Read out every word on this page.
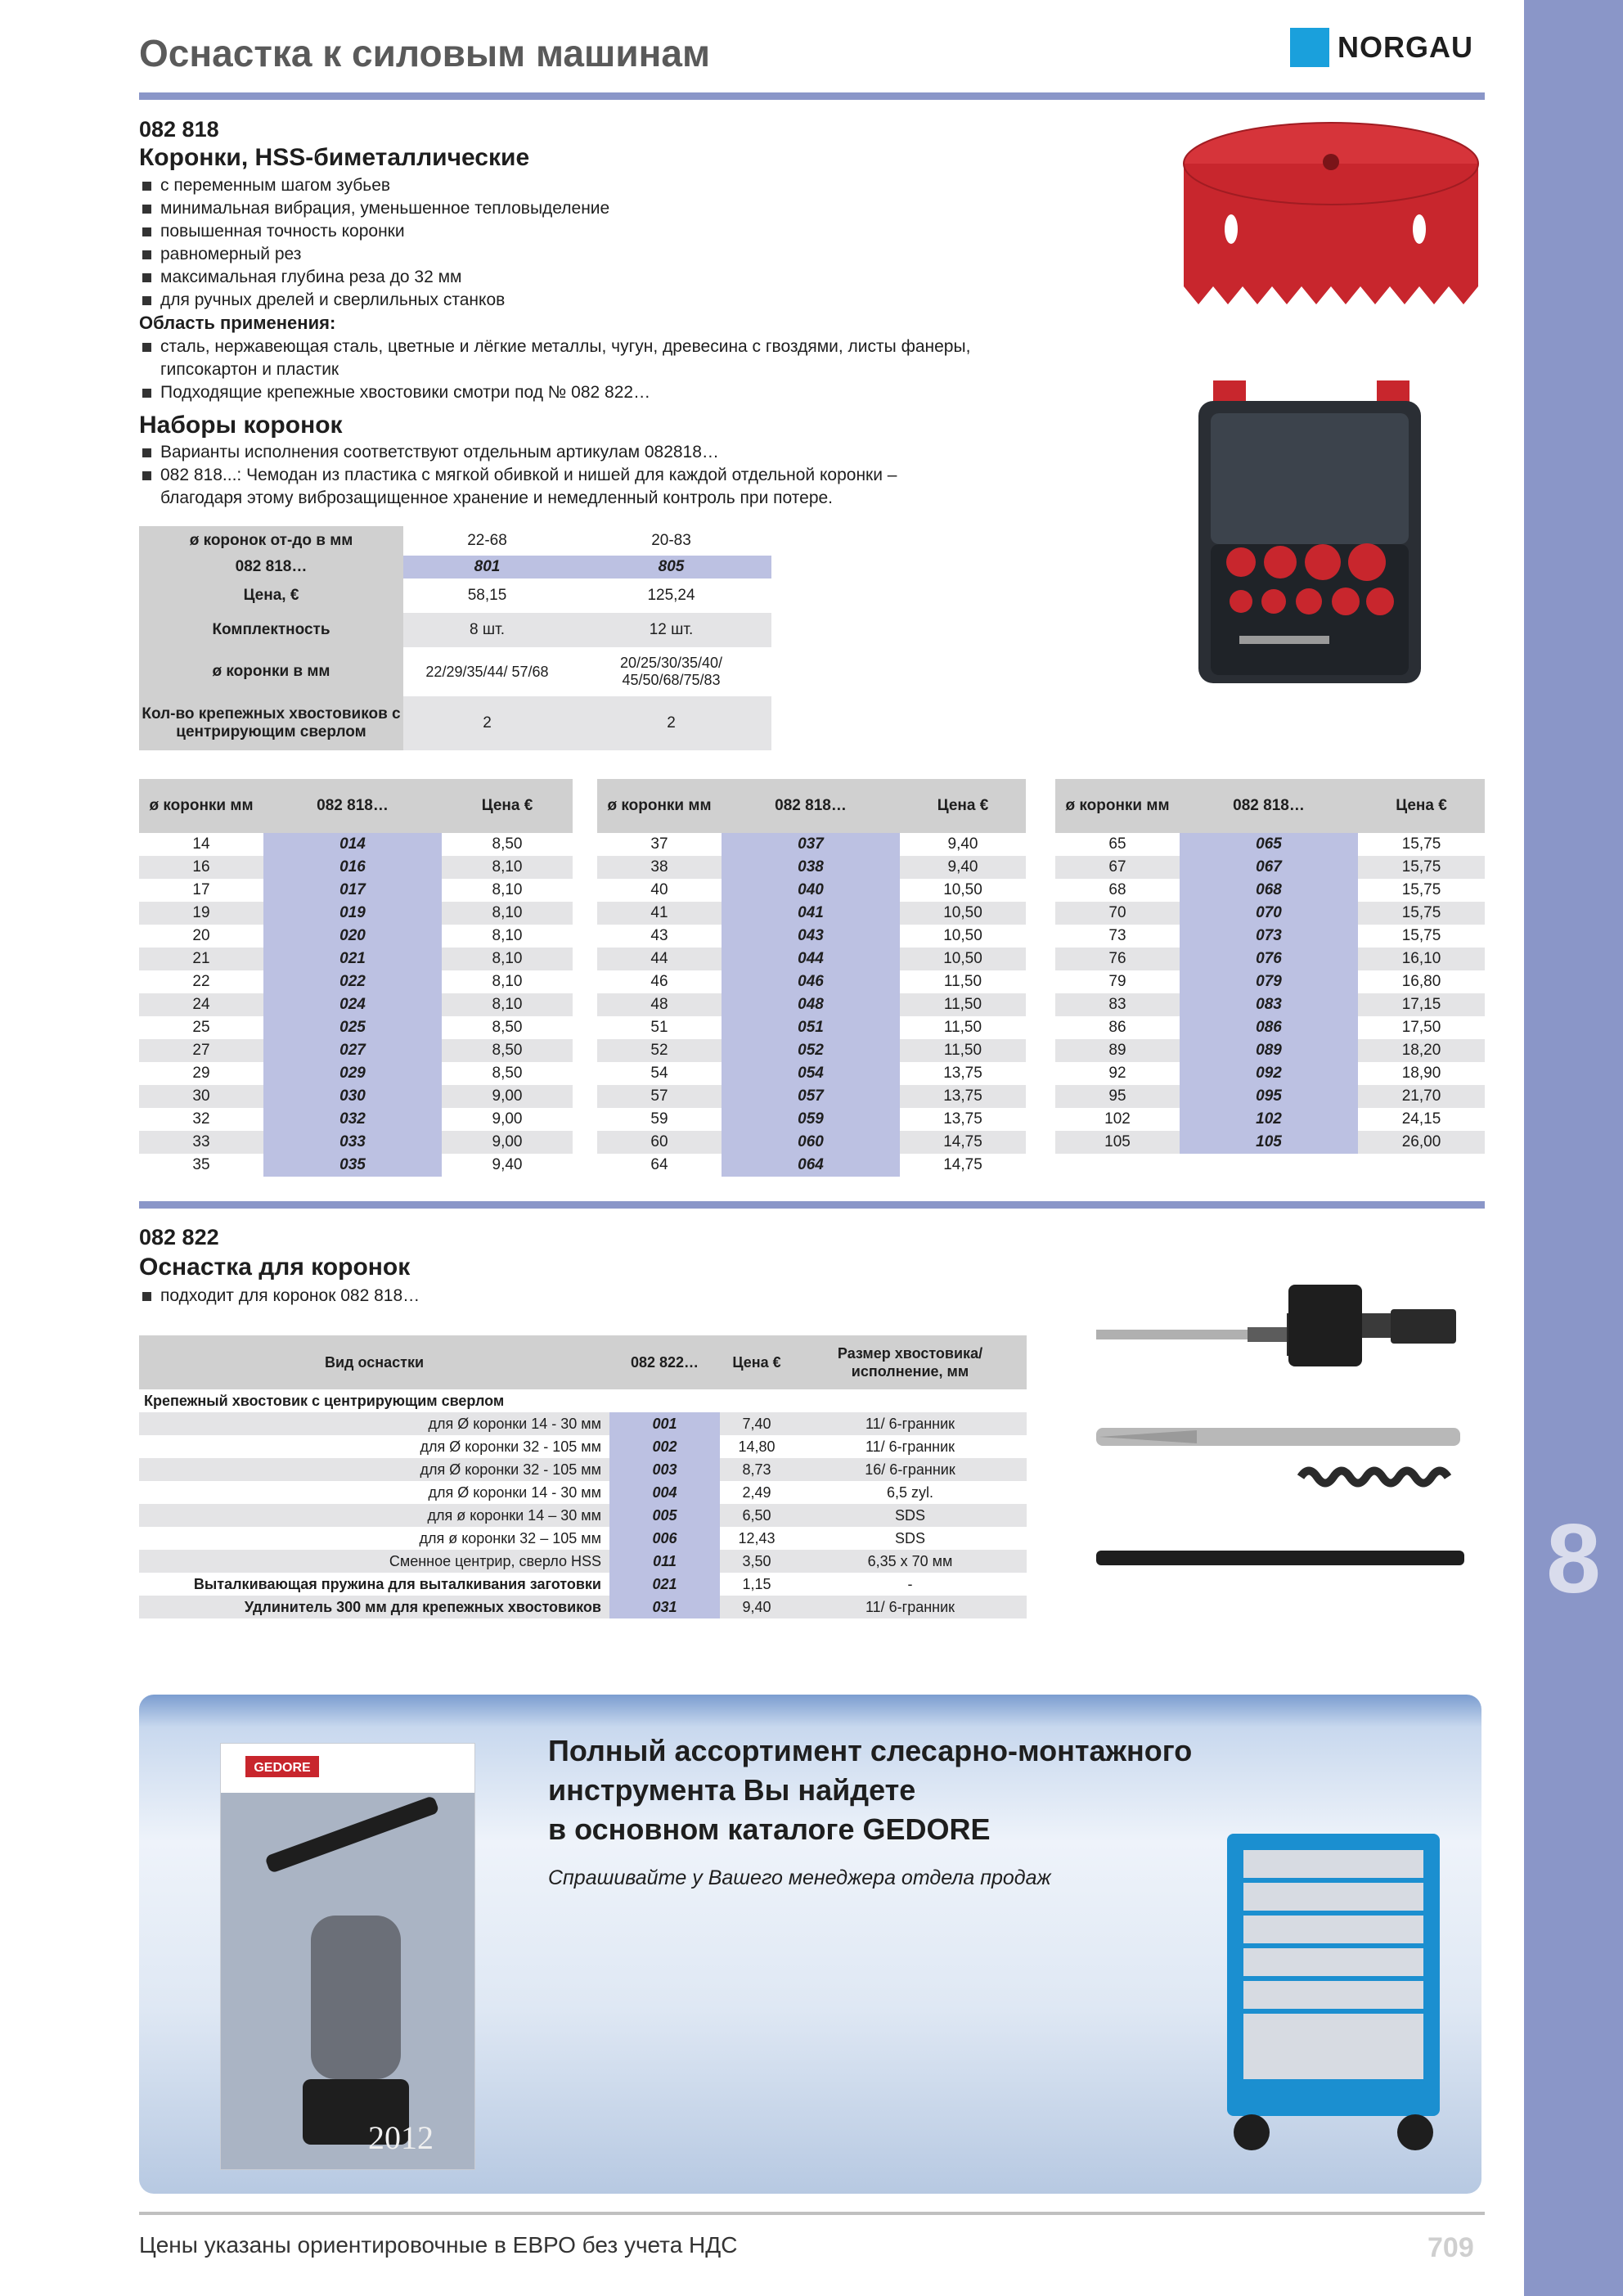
8
Оснастка к силовым машинам	NORGAU
082 818
Коронки, HSS-биметаллические
с переменным шагом зубьев
минимальная вибрация, уменьшенное тепловыделение
повышенная точность коронки
равномерный рез
максимальная глубина реза до 32 мм
для ручных дрелей и сверлильных станков
Область применения:
сталь, нержавеющая сталь, цветные и лёгкие металлы, чугун, древесина с гвоздями, листы фанеры, гипсокартон и пластик
Подходящие крепежные хвостовики смотри под № 082 822…
Наборы коронок
Варианты исполнения соответствуют отдельным артикулам 082818…
082 818...: Чемодан из пластика с мягкой обивкой и нишей для каждой отдельной коронки – благодаря этому виброзащищенное хранение и немедленный контроль при потере.
ø коронок от-до в мм	22-68	20-83
082 818…	801	805
Цена, €	58,15	125,24
Комплектность	8 шт.	12 шт.
ø коронки в мм	22/29/35/44/ 57/68	20/25/30/35/40/ 45/50/68/75/83
Кол-во крепежных хвостовиков с центрирующим сверлом	2	2
ø коронки мм	082 818…	Цена €
14	014	8,50
16	016	8,10
17	017	8,10
19	019	8,10
20	020	8,10
21	021	8,10
22	022	8,10
24	024	8,10
25	025	8,50
27	027	8,50
29	029	8,50
30	030	9,00
32	032	9,00
33	033	9,00
35	035	9,40
ø коронки мм	082 818…	Цена €
37	037	9,40
38	038	9,40
40	040	10,50
41	041	10,50
43	043	10,50
44	044	10,50
46	046	11,50
48	048	11,50
51	051	11,50
52	052	11,50
54	054	13,75
57	057	13,75
59	059	13,75
60	060	14,75
64	064	14,75
ø коронки мм	082 818…	Цена €
65	065	15,75
67	067	15,75
68	068	15,75
70	070	15,75
73	073	15,75
76	076	16,10
79	079	16,80
83	083	17,15
86	086	17,50
89	089	18,20
92	092	18,90
95	095	21,70
102	102	24,15
105	105	26,00
082 822
Оснастка для коронок
подходит для коронок 082 818…
Вид оснастки	082 822…	Цена €	Размер хвостовика/ исполнение, мм
Крепежный хвостовик с центрирующим сверлом			
для Ø коронки 14 - 30 мм	001	7,40	11/ 6-гранник
для Ø коронки 32 - 105 мм	002	14,80	11/ 6-гранник
для Ø коронки 32 - 105 мм	003	8,73	16/ 6-гранник
для Ø коронки 14 - 30 мм	004	2,49	6,5 zyl.
для ø коронки 14 – 30 мм	005	6,50	SDS
для ø коронки 32 – 105 мм	006	12,43	SDS
Сменное центрир, сверло HSS	011	3,50	6,35 x 70 мм
Выталкивающая пружина для выталкивания заготовки	021	1,15	-
Удлинитель 300 мм для крепежных хвостовиков	031	9,40	11/ 6-гранник
GEDORE
2012
Полный ассортимент слесарно-монтажного
инструмента Вы найдете
в основном каталоге GEDORE
Спрашивайте у Вашего менеджера отдела продаж
Цены указаны ориентировочные в ЕВРО без учета НДС	709
